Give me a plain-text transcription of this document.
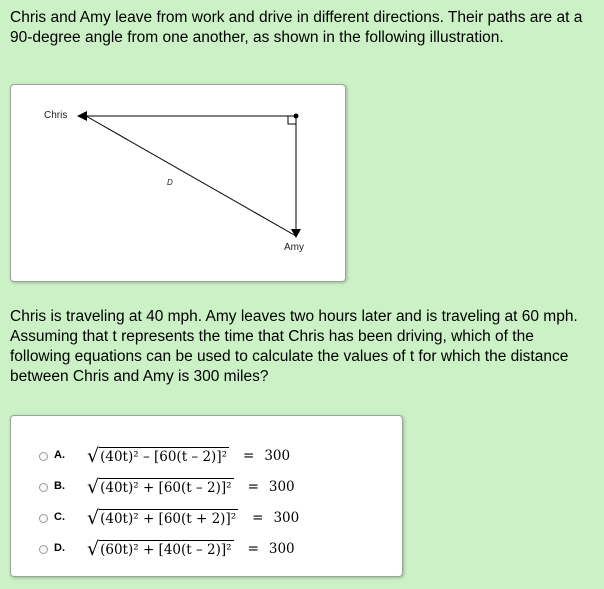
Chris and Amy leave from work and drive in different directions. Their paths are at a 90-degree angle from one another, as shown in the following illustration.

Chris
D
Amy

Chris is traveling at 40 mph. Amy leaves two hours later and is traveling at 60 mph. Assuming that t represents the time that Chris has been driving, which of the following equations can be used to calculate the values of t for which the distance between Chris and Amy is 300 miles?

A. √ (40t)² – [60(t – 2)]² = 300
B. √ (40t)² + [60(t – 2)]² = 300
C. √ (40t)² + [60(t + 2)]² = 300
D. √ (60t)² + [40(t – 2)]² = 300
